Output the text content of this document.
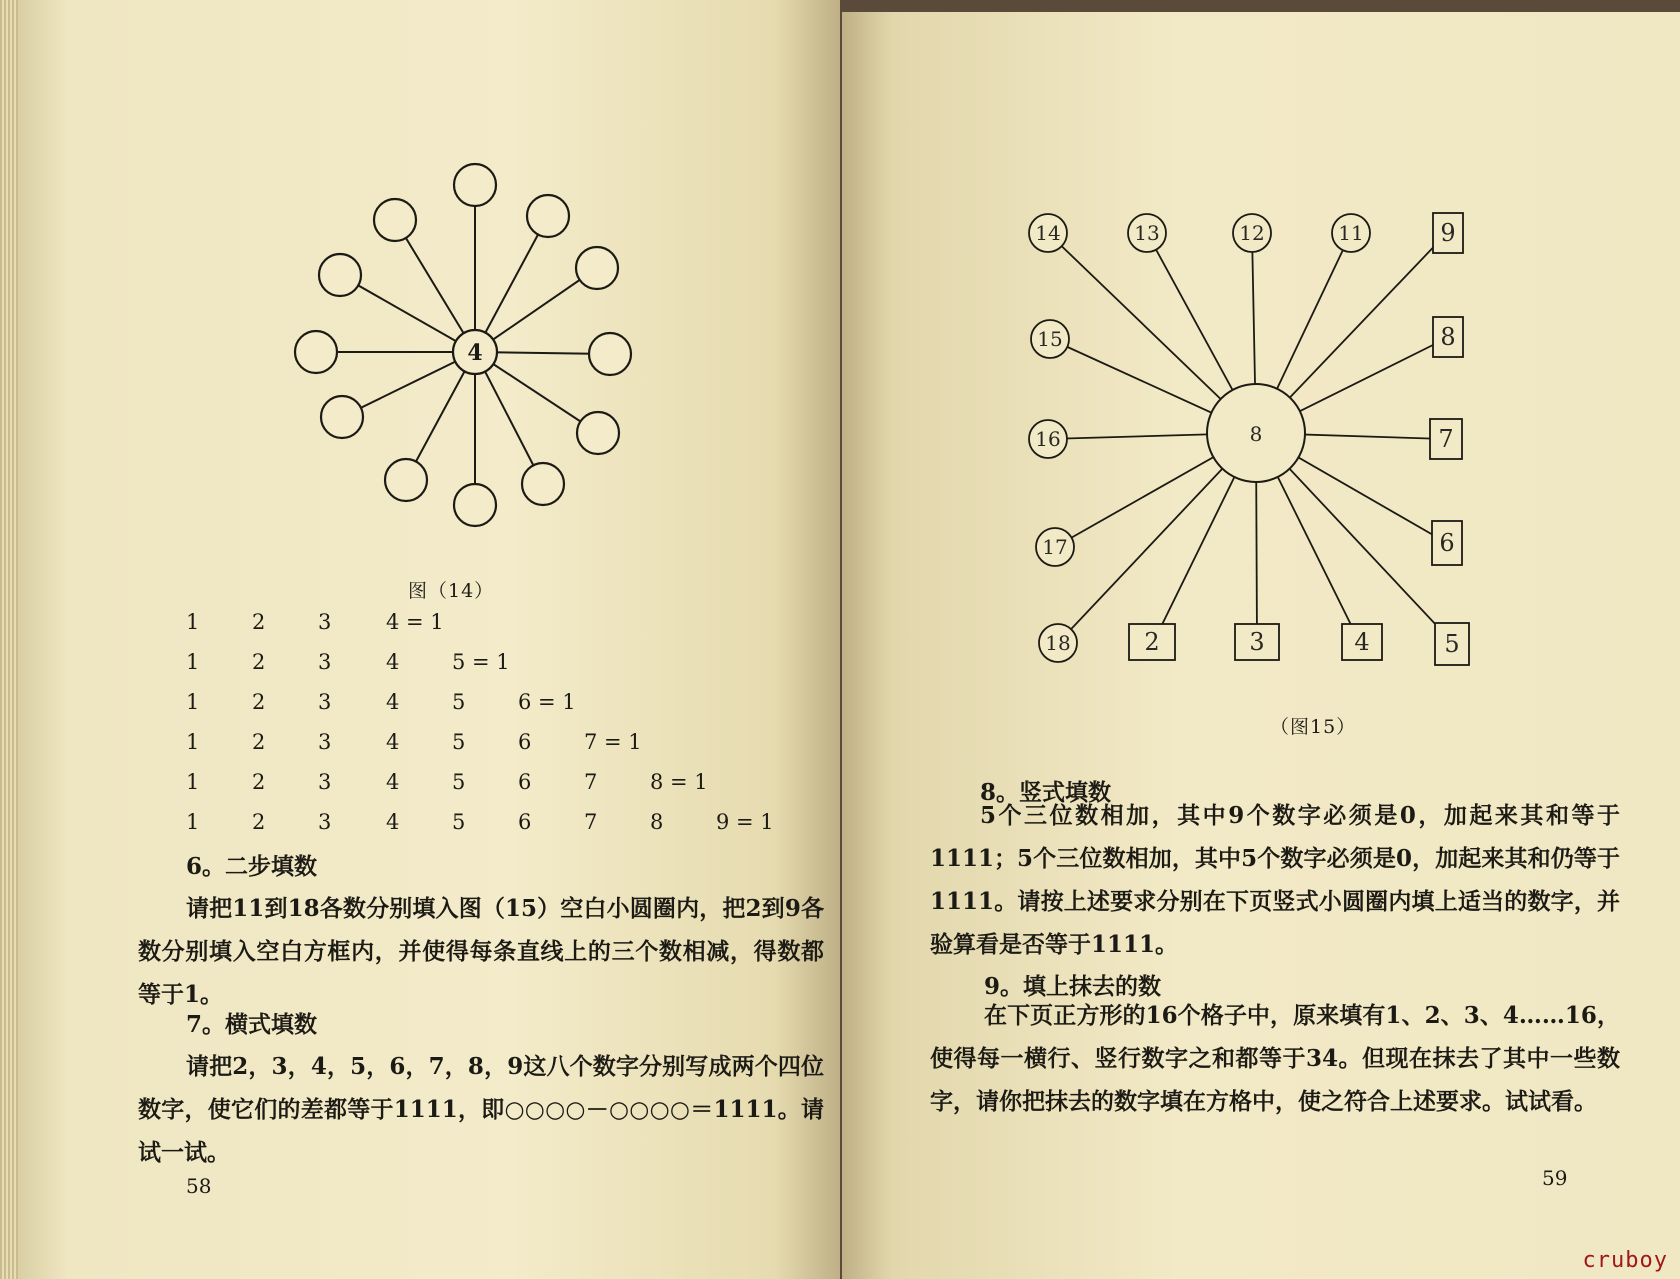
4
图（14）
1	2	3	4 = 1
1	2	3	4	5 = 1
1	2	3	4	5	6 = 1
1	2	3	4	5	6	7 = 1
1	2	3	4	5	6	7	8 = 1
1	2	3	4	5	6	7	8	9 = 1
6。二步填数
请把11到18各数分别填入图（15）空白小圆圈内，把2到9各数分别填入空白方框内，并使得每条直线上的三个数相减，得数都等于1。
7。横式填数
请把2，3，4，5，6，7，8，9这八个数字分别写成两个四位数字，使它们的差都等于1111，即○○○○－○○○○＝1111。请试一试。
58
8
14	13	12	11
15
16
17
18
9
8
7
6
5
4
3
2
（图15）
8。竖式填数
5个三位数相加，其中9个数字必须是0，加起来其和等于1111；5个三位数相加，其中5个数字必须是0，加起来其和仍等于1111。请按上述要求分别在下页竖式小圆圈内填上适当的数字，并验算看是否等于1111。
9。填上抹去的数
在下页正方形的16个格子中，原来填有1、2、3、4……16，使得每一横行、竖行数字之和都等于34。但现在抹去了其中一些数字，请你把抹去的数字填在方格中，使之符合上述要求。试试看。
59
cruboy
